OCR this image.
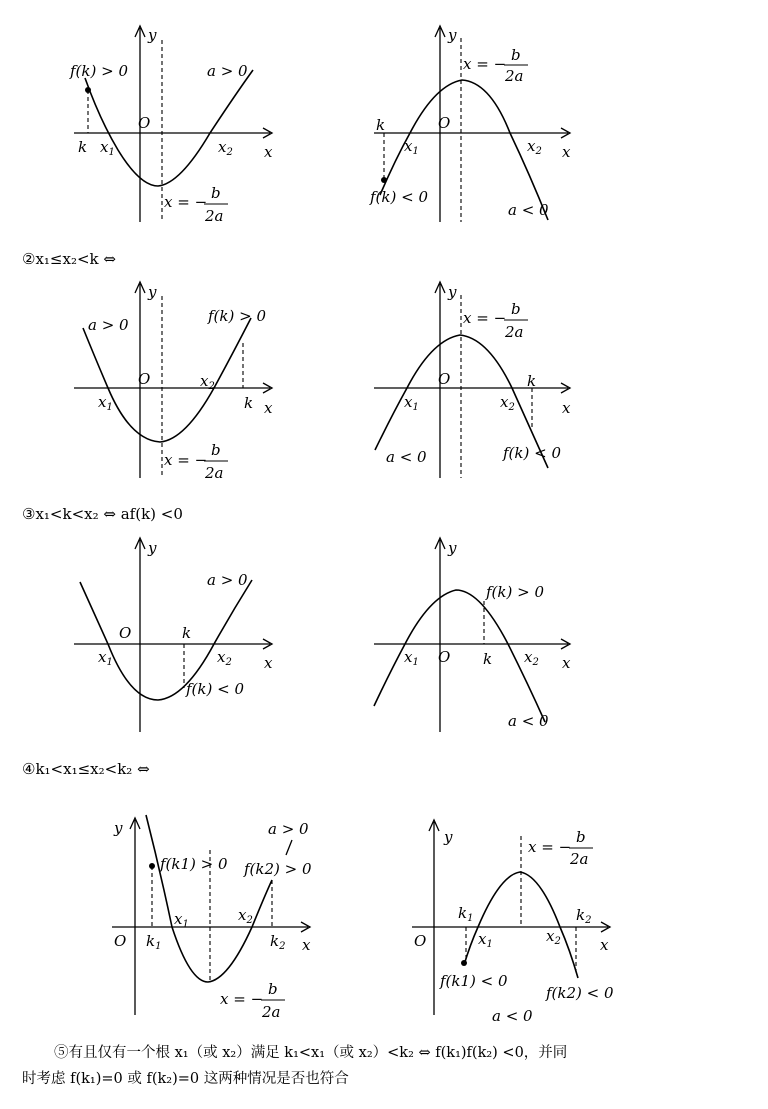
y
x
O
f(k) > 0	a > 0
k $x_1$	$x_2$
x = − b
2a
y
x
O
k
$x_1$	$x_2$
f(k) < 0
a < 0
x = − b
2a
②x₁≤x₂<k ⇔
y
x
O
a > 0	f(k) > 0
$x_1$
$x_2$
k
x = −
b
2a
y
x
O
$x_1$	$x_2$
k
a < 0	f(k) < 0
x = − b
2a
③x₁<k<x₂ ⇔ af(k) <0
y
x
O
a > 0
k
$x_1$	$x_2$
f(k) < 0
y
x
O
f(k) > 0
$x_1$	k $x_2$
a < 0
④k₁<x₁≤x₂<k₂ ⇔
y
x
O
a > 0
f(k1) > 0 f(k2) > 0
$x_1$
$x_2$
$k_1$	$k_2$
x = −
b
2a
y
x
O
$k_1$	$k_2$
$x_1$	$x_2$
f(k1) < 0
f(k2) < 0
a < 0
x = −
b
2a
⑤有且仅有一个根 x₁（或 x₂）满足 k₁<x₁（或 x₂）<k₂ ⇔ f(k₁)f(k₂) <0，并同
时考虑 f(k₁)=0 或 f(k₂)=0 这两种情况是否也符合
